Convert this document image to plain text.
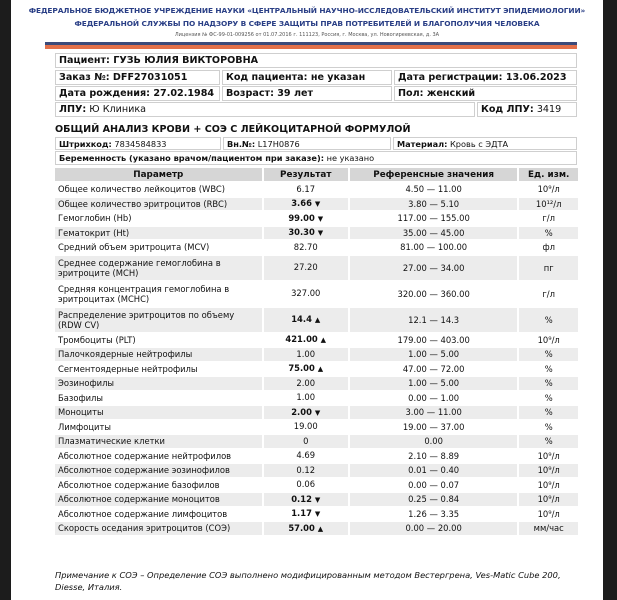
ФЕДЕРАЛЬНОЕ БЮДЖЕТНОЕ УЧРЕЖДЕНИЕ НАУКИ «ЦЕНТРАЛЬНЫЙ НАУЧНО-ИССЛЕДОВАТЕЛЬСКИЙ ИНСТИТУТ ЭПИДЕМИОЛОГИИ»
ФЕДЕРАЛЬНОЙ СЛУЖБЫ ПО НАДЗОРУ В СФЕРЕ ЗАЩИТЫ ПРАВ ПОТРЕБИТЕЛЕЙ И БЛАГОПОЛУЧИЯ ЧЕЛОВЕКА
Лицензия № ФС-99-01-009256 от 01.07.2016 г. 111123, Россия, г. Москва, ул. Новогиреевская, д. 3А
Пациент: ГУЗЬ ЮЛИЯ ВИКТОРОВНА
Заказ №: DFF27031051	Код пациента: не указан	Дата регистрации: 13.06.2023
Дата рождения: 27.02.1984	Возраст: 39 лет	Пол: женский
ЛПУ: Ю Клиника	Код ЛПУ: 3419
ОБЩИЙ АНАЛИЗ КРОВИ + СОЭ С ЛЕЙКОЦИТАРНОЙ ФОРМУЛОЙ
Штрихкод: 7834584833	Вн.№: L17H0876	Материал: Кровь с ЭДТА
Беременность (указано врачом/пациентом при заказе): не указано
Параметр	Результат	Референсные значения	Ед. изм.
Общее количество лейкоцитов (WBC)	6.17	4.50 — 11.00	10⁹/л
Общее количество эритроцитов (RBC)	3.66 ▼	3.80 — 5.10	10¹²/л
Гемоглобин (Hb)	99.00 ▼	117.00 — 155.00	г/л
Гематокрит (Ht)	30.30 ▼	35.00 — 45.00	%
Средний объем эритроцита (MCV)	82.70	81.00 — 100.00	фл
Среднее содержание гемоглобина в эритроците (MCH)	27.20	27.00 — 34.00	пг
Средняя концентрация гемоглобина в эритроцитах (MCHC)	327.00	320.00 — 360.00	г/л
Распределение эритроцитов по объему (RDW CV)	14.4 ▲	12.1 — 14.3	%
Тромбоциты (PLT)	421.00 ▲	179.00 — 403.00	10⁹/л
Палочкоядерные нейтрофилы	1.00	1.00 — 5.00	%
Сегментоядерные нейтрофилы	75.00 ▲	47.00 — 72.00	%
Эозинофилы	2.00	1.00 — 5.00	%
Базофилы	1.00	0.00 — 1.00	%
Моноциты	2.00 ▼	3.00 — 11.00	%
Лимфоциты	19.00	19.00 — 37.00	%
Плазматические клетки	0	0.00	%
Абсолютное содержание нейтрофилов	4.69	2.10 — 8.89	10⁹/л
Абсолютное содержание эозинофилов	0.12	0.01 — 0.40	10⁹/л
Абсолютное содержание базофилов	0.06	0.00 — 0.07	10⁹/л
Абсолютное содержание моноцитов	0.12 ▼	0.25 — 0.84	10⁹/л
Абсолютное содержание лимфоцитов	1.17 ▼	1.26 — 3.35	10⁹/л
Скорость оседания эритроцитов (СОЭ)	57.00 ▲	0.00 — 20.00	мм/час
Примечание к СОЭ – Определение СОЭ выполнено модифицированным методом Вестергрена, Ves-Matic Cube 200, Diesse, Италия.
